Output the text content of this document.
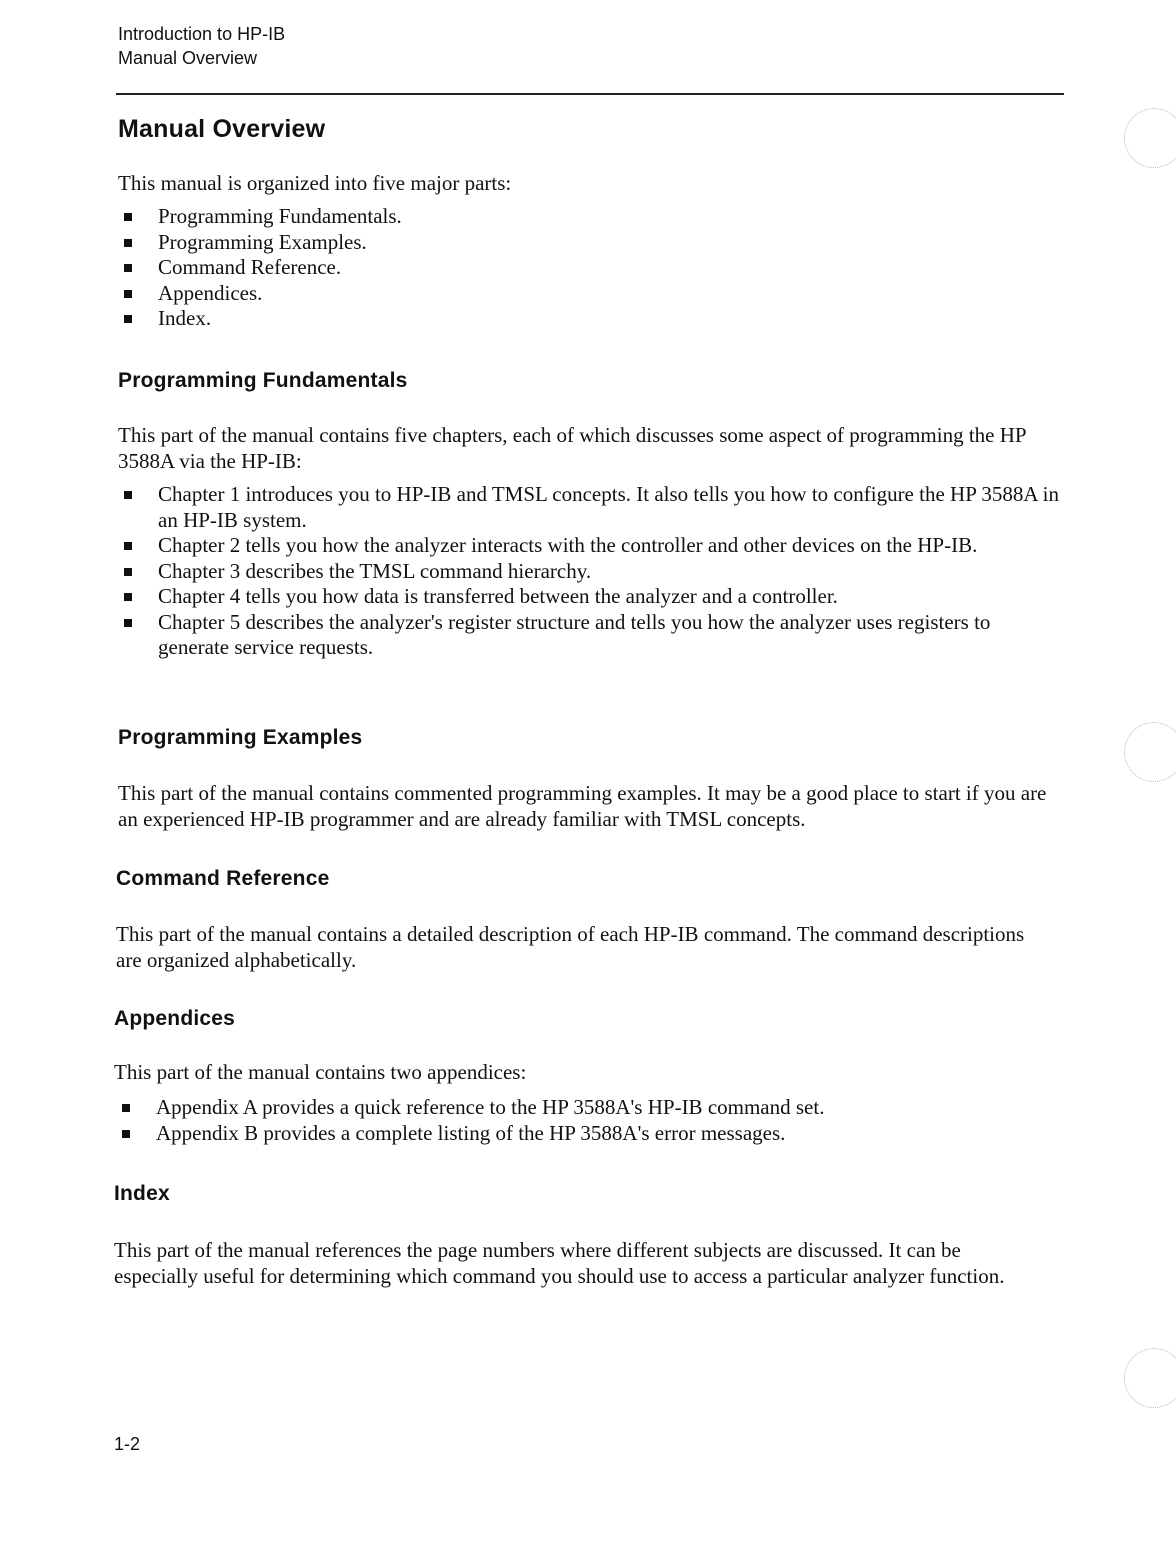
Introduction to HP-IB
Manual Overview
Manual Overview

This manual is organized into five major parts:

Programming Fundamentals.
Programming Examples.
Command Reference.
Appendices.
Index.
Programming Fundamentals

This part of the manual contains five chapters, each of which discusses some aspect of programming the HP 3588A via the HP-IB:

Chapter 1 introduces you to HP-IB and TMSL concepts. It also tells you how to configure the HP 3588A in an HP-IB system.
Chapter 2 tells you how the analyzer interacts with the controller and other devices on the HP-IB.
Chapter 3 describes the TMSL command hierarchy.
Chapter 4 tells you how data is transferred between the analyzer and a controller.
Chapter 5 describes the analyzer's register structure and tells you how the analyzer uses registers to generate service requests.
Programming Examples

This part of the manual contains commented programming examples. It may be a good place to start if you are an experienced HP-IB programmer and are already familiar with TMSL concepts.

Command Reference

This part of the manual contains a detailed description of each HP-IB command. The command descriptions are organized alphabetically.

Appendices

This part of the manual contains two appendices:

Appendix A provides a quick reference to the HP 3588A's HP-IB command set.
Appendix B provides a complete listing of the HP 3588A's error messages.
Index

This part of the manual references the page numbers where different subjects are discussed. It can be especially useful for determining which command you should use to access a particular analyzer function.

1-2
